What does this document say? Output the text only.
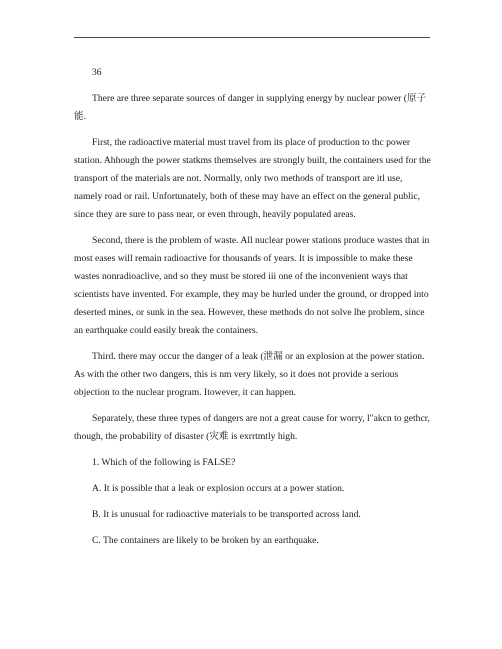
36

There are three separate sources of danger in supplying energy by nuclear power (原子能.

First, the radioactive material must travel from its place of production to thc power station. Ahhough the power statkms themselves are strongly built, the containers used for the transport of the materials are not. Normally, only two methods of transport are itl use, namely road or rail. Unfortunately, both of these may have an effect on the general public, since they are sure to pass near, or even through, heavily populated areas.

Second, there is the problem of waste. All nuclear power stations produce wastes that in most eases will remain radioactive for thousands of years. It is impossible to make these wastes nonradioaclive, and so they must be stored iii one of the inconvenient ways that scientists have invented. For example, they may be hurled under the ground, or dropped into deserted mines, or sunk in the sea. However, these methods do not solve lhe problem, since an earthquake could easily break the containers.

Third. there may occur the danger of a leak (泄漏 or an explosion at the power station. As with the other two dangers, this is nm very likely, so it does not provide a serious objection to the nuclear program. Itowever, it can happen.

Separately, these three types of dangers are not a great cause for worry, l"akcn to gethcr, though, the probability of disaster (灾难 is exrrtmtly high.

1. Which of the following is FALSE?

A. It is possible that a leak or explosion occurs at a power station.

B. It is unusual for radioactive materials to be transported across land.

C. The containers are likely to be broken by an earthquake.
